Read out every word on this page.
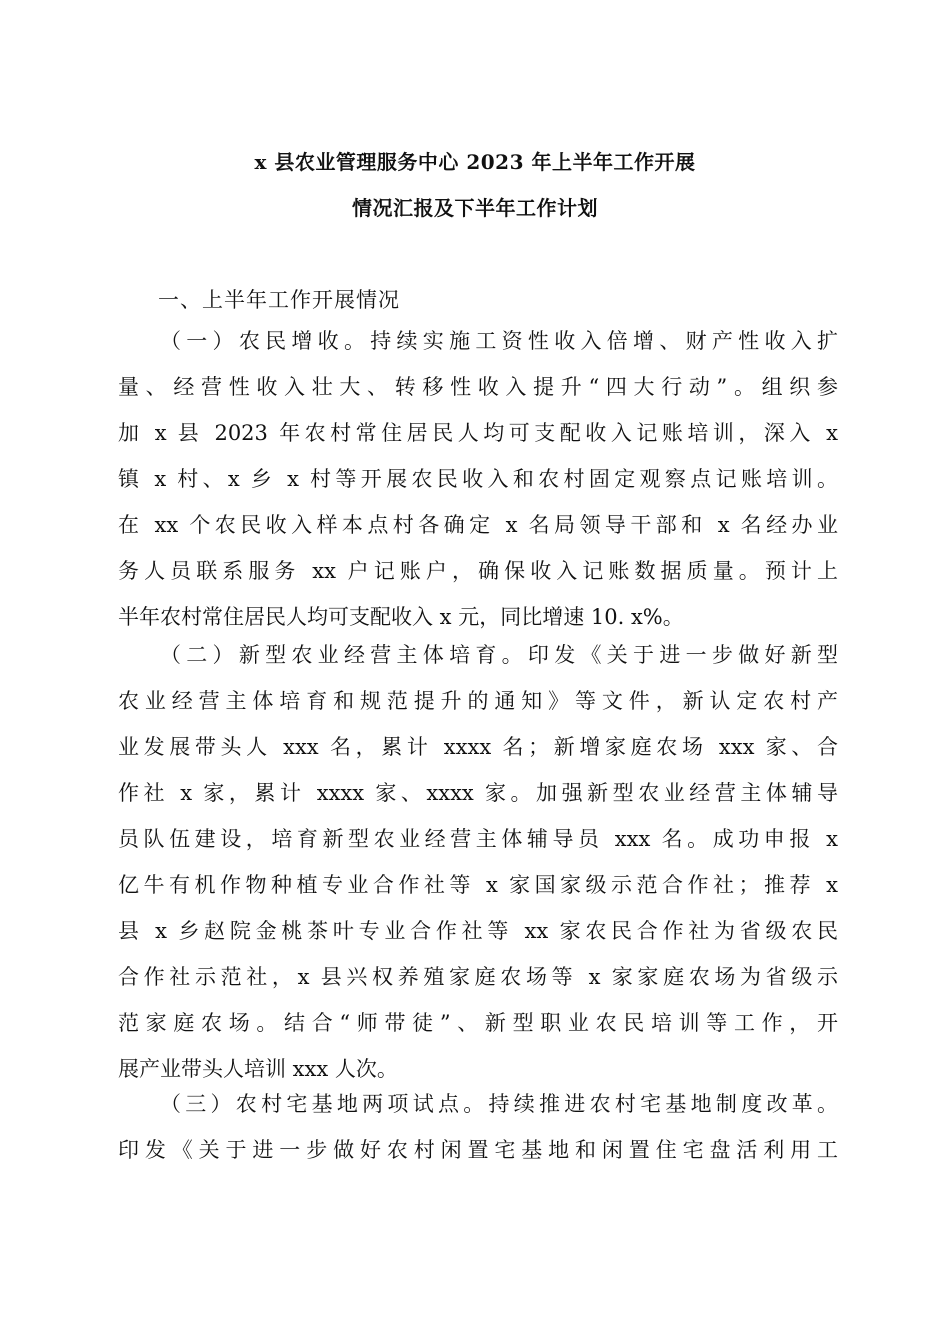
x 县农业管理服务中心 2023 年上半年工作开展
情况汇报及下半年工作计划
一、上半年工作开展情况
（一）农民增收。持续实施工资性收入倍增、财产性收入扩
量、经营性收入壮大、转移性收入提升“四大行动”。组织参
加 x 县 2023 年农村常住居民人均可支配收入记账培训，深入 x
镇 x 村、x 乡 x 村等开展农民收入和农村固定观察点记账培训。
在 xx 个农民收入样本点村各确定 x 名局领导干部和 x 名经办业
务人员联系服务 xx 户记账户，确保收入记账数据质量。预计上
半年农村常住居民人均可支配收入 x 元，同比增速 10. x%。
（二）新型农业经营主体培育。印发《关于进一步做好新型
农业经营主体培育和规范提升的通知》等文件，新认定农村产
业发展带头人 xxx 名，累计 xxxx 名；新增家庭农场 xxx 家、合
作社 x 家，累计 xxxx 家、xxxx 家。加强新型农业经营主体辅导
员队伍建设，培育新型农业经营主体辅导员 xxx 名。成功申报 x
亿牛有机作物种植专业合作社等 x 家国家级示范合作社；推荐 x
县 x 乡赵院金桃茶叶专业合作社等 xx 家农民合作社为省级农民
合作社示范社，x 县兴权养殖家庭农场等 x 家家庭农场为省级示
范家庭农场。结合“师带徒”、新型职业农民培训等工作，开
展产业带头人培训 xxx 人次。
（三）农村宅基地两项试点。持续推进农村宅基地制度改革。
印发《关于进一步做好农村闲置宅基地和闲置住宅盘活利用工
